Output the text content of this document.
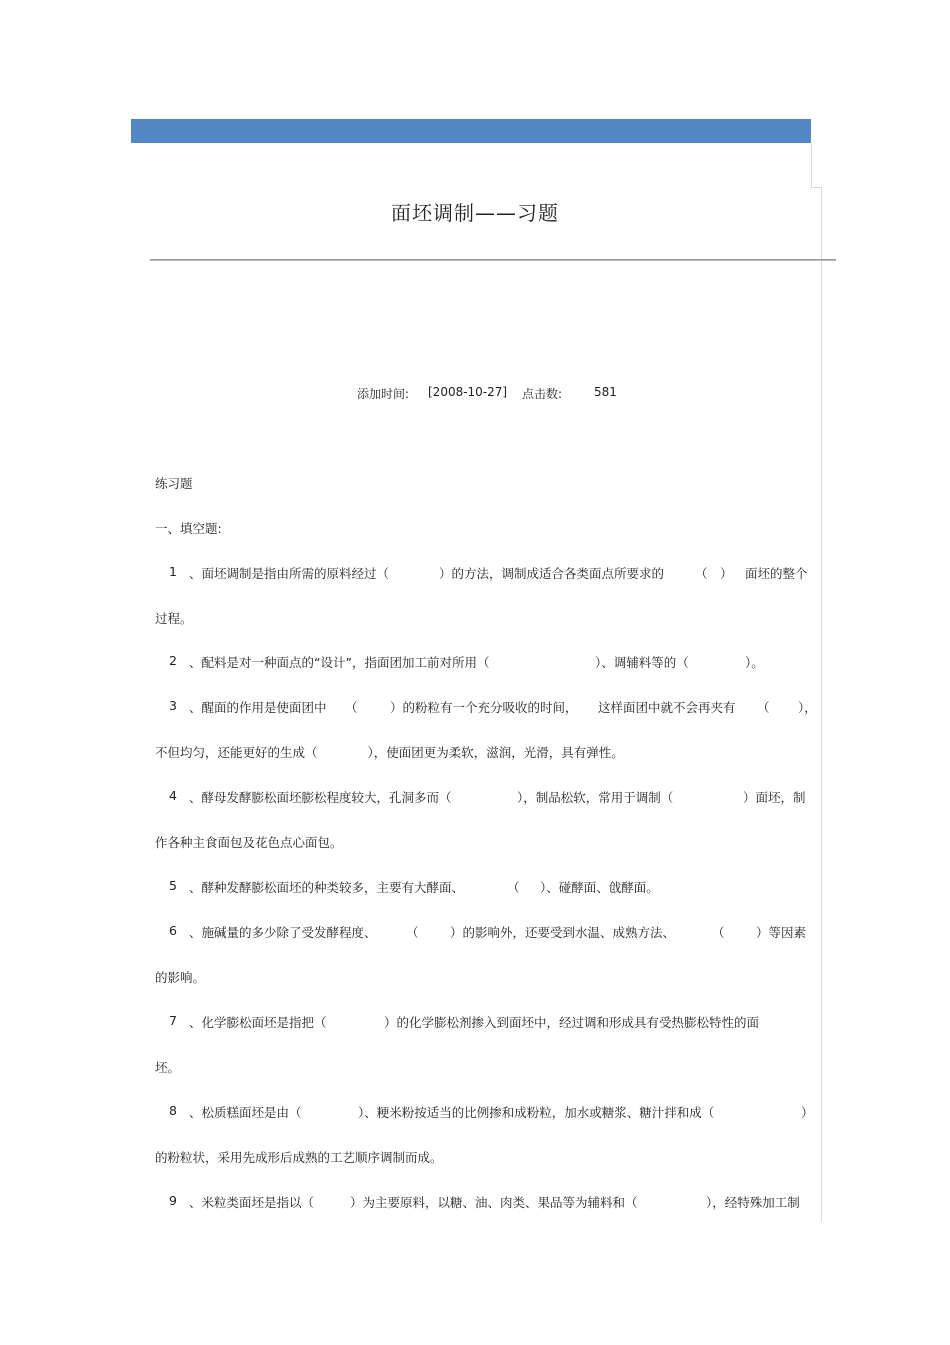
面坯调制——习题
添加时间: [2008-10-27] 点击数:	581
练习题
一、填空题:
1 、面坯调制是指由所需的原料经过（	）的方法，调制成适合各类面点所要求的 （　） 面坯的整个
过程。
2 、配料是对一种面点的“设计”，指面团加工前对所用（	）、调辅料等的（	）。
3 、醒面的作用是使面团中 （	）的粉粒有一个充分吸收的时间， 这样面团中就不会再夹有 （ ），
不但均匀，还能更好的生成（　　　　），使面团更为柔软，滋润，光滑，具有弹性。
4 、酵母发酵膨松面坯膨松程度较大，孔洞多而（	），制品松软，常用于调制（	）面坯，制
作各种主食面包及花色点心面包。
5 、酵种发酵膨松面坯的种类较多，主要有大酵面、	（ ）、碰酵面、戗酵面。
6 、施碱量的多少除了受发酵程度、 （	）的影响外，还要受到水温、成熟方法、	（	）等因素
的影响。
7 、化学膨松面坯是指把（	）的化学膨松剂掺入到面坯中，经过调和形成具有受热膨松特性的面
坯。
8 、松质糕面坯是由（	）、粳米粉按适当的比例掺和成粉粒，加水或糖浆、糖汁拌和成（	）
的粉粒状，采用先成形后成熟的工艺顺序调制而成。
9 、米粒类面坯是指以（	）为主要原料，以糖、油、肉类、果品等为辅料和（	），经特殊加工制
